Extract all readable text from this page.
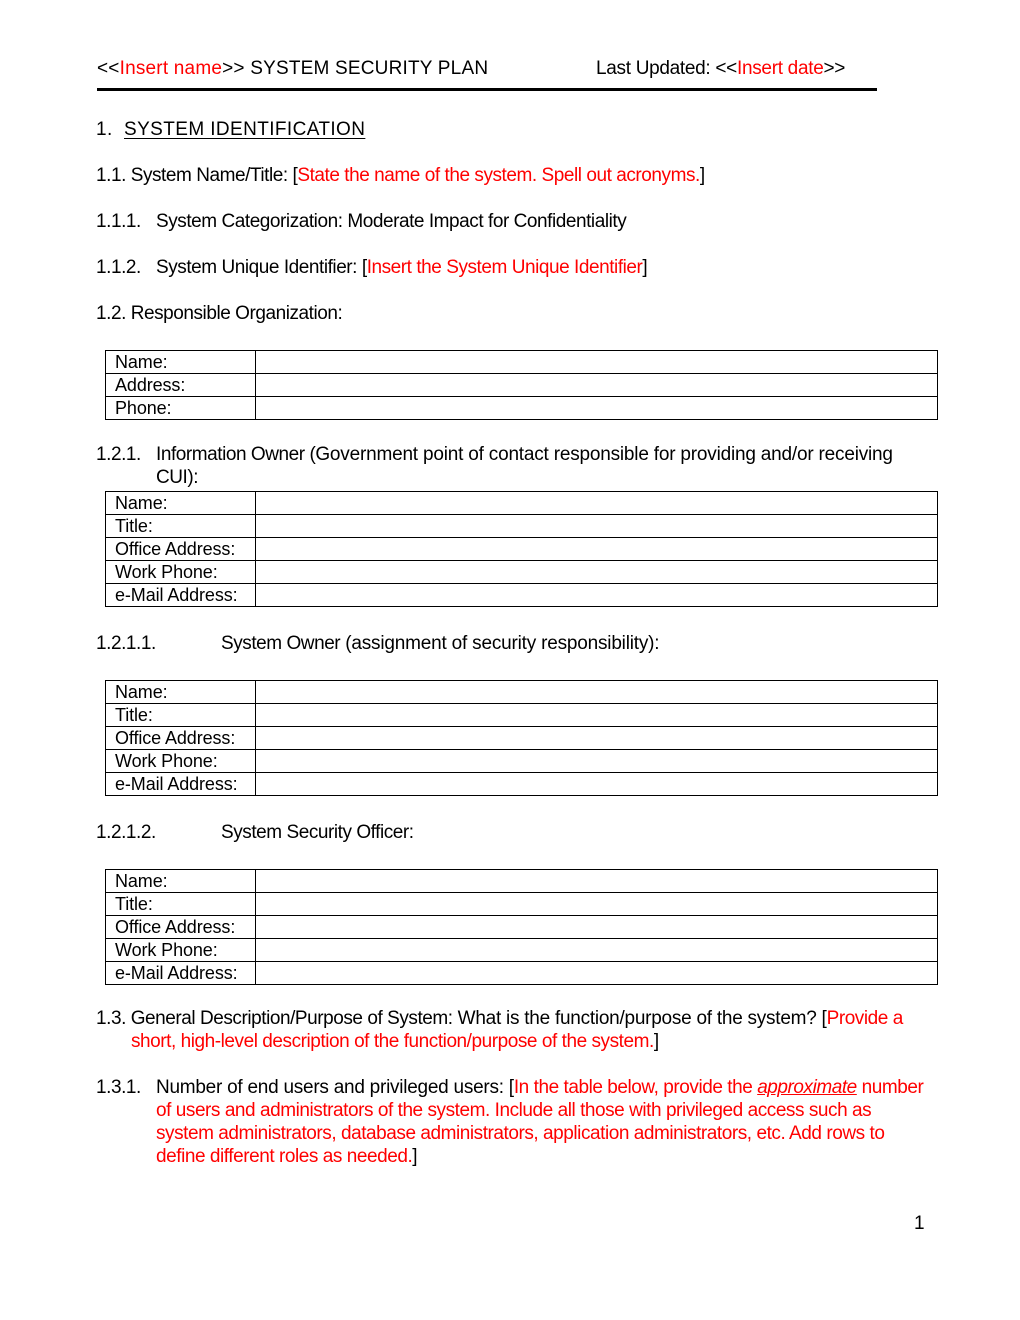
<<Insert name>> SYSTEM SECURITY PLAN	Last Updated: <<Insert date>>
1. SYSTEM IDENTIFICATION
1.1. System Name/Title: [State the name of the system. Spell out acronyms.]
1.1.1. System Categorization: Moderate Impact for Confidentiality
1.1.2. System Unique Identifier: [Insert the System Unique Identifier]
1.2. Responsible Organization:
Name:	
Address:	
Phone:	
1.2.1. Information Owner (Government point of contact responsible for providing and/or receiving
CUI):
Name:	
Title:	
Office Address:	
Work Phone:	
e-Mail Address:	
1.2.1.1.	System Owner (assignment of security responsibility):
Name:	
Title:	
Office Address:	
Work Phone:	
e-Mail Address:	
1.2.1.2.	System Security Officer:
Name:	
Title:	
Office Address:	
Work Phone:	
e-Mail Address:	
1.3. General Description/Purpose of System: What is the function/purpose of the system? [Provide a
short, high-level description of the function/purpose of the system.]
1.3.1. Number of end users and privileged users: [In the table below, provide the approximate number
of users and administrators of the system. Include all those with privileged access such as
system administrators, database administrators, application administrators, etc. Add rows to
define different roles as needed.]
1
